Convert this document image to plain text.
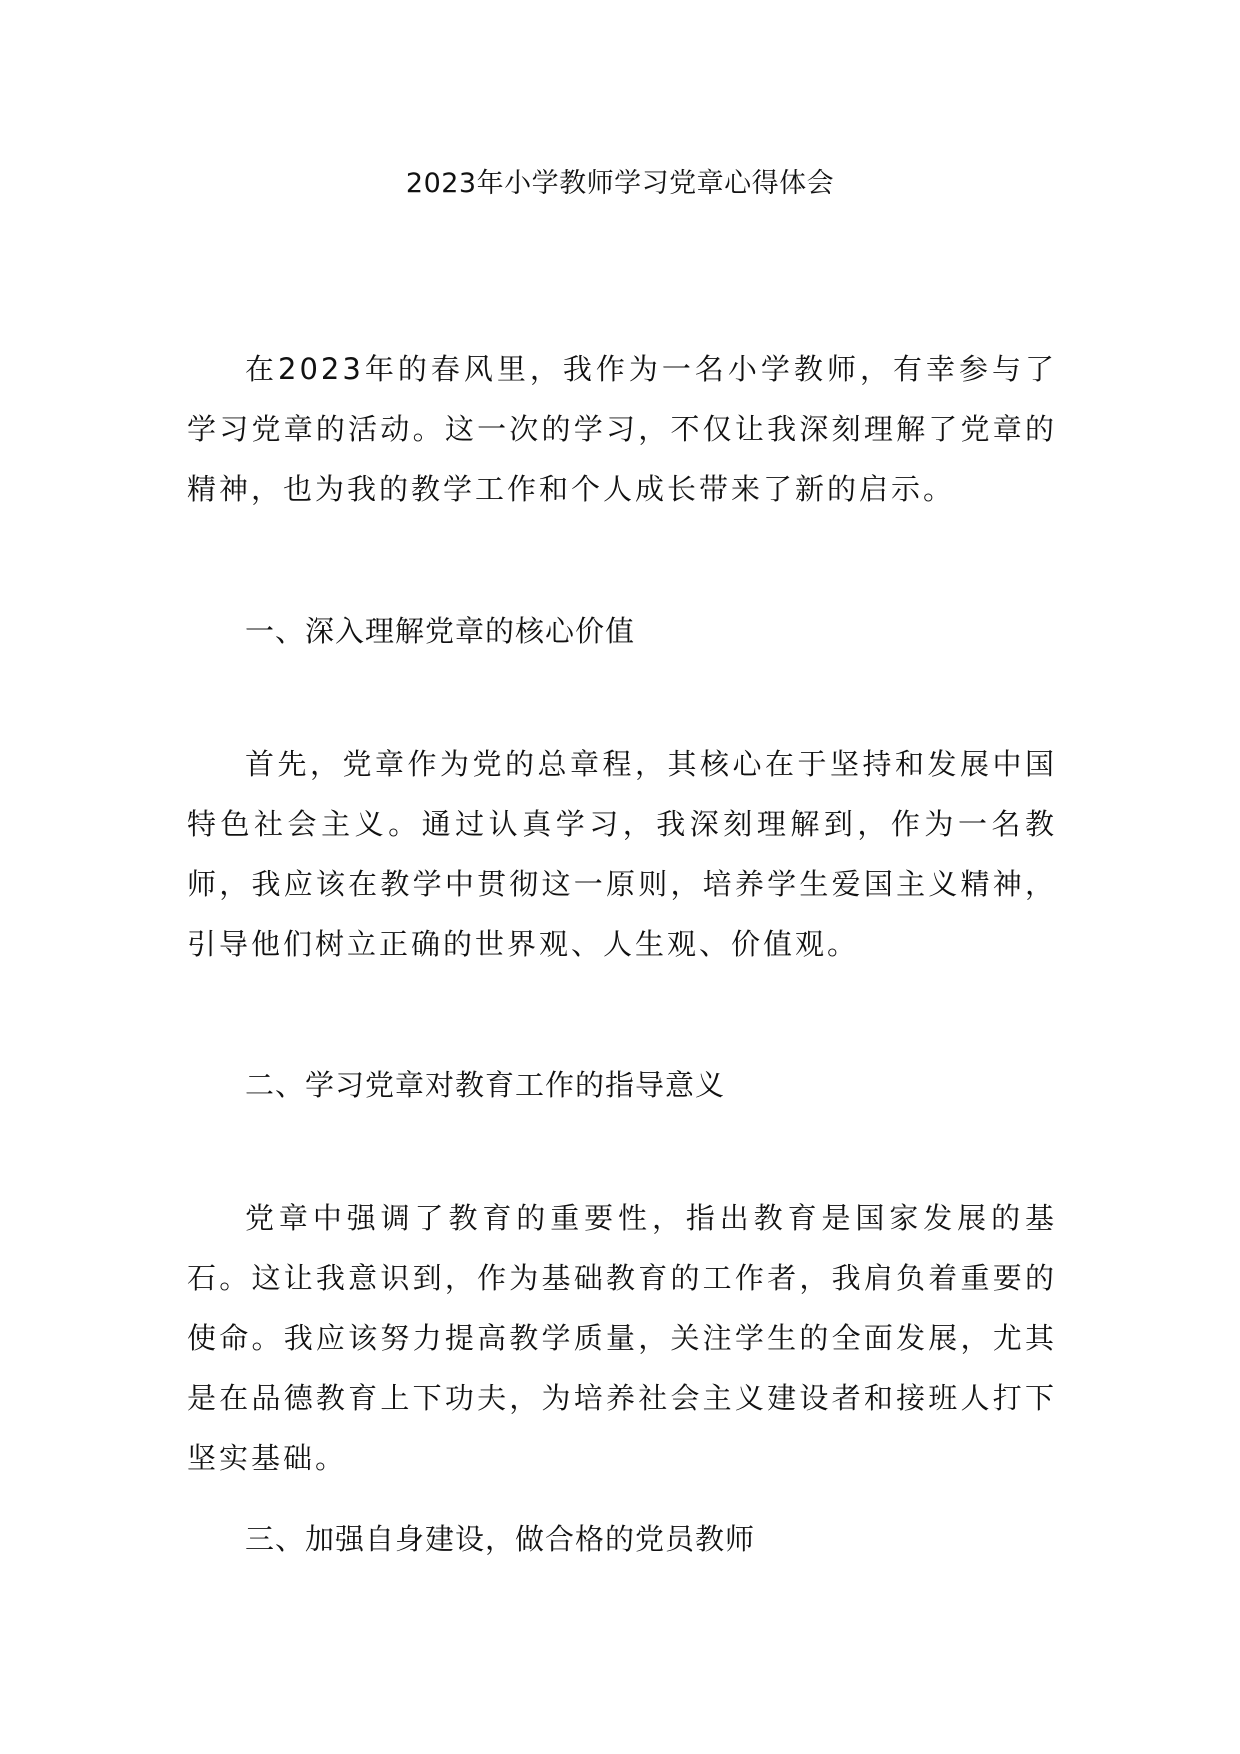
2023年小学教师学习党章心得体会

在2023年的春风里，我作为一名小学教师，有幸参与了学习党章的活动。这一次的学习，不仅让我深刻理解了党章的精神，也为我的教学工作和个人成长带来了新的启示。

一、深入理解党章的核心价值

首先，党章作为党的总章程，其核心在于坚持和发展中国特色社会主义。通过认真学习，我深刻理解到，作为一名教师，我应该在教学中贯彻这一原则，培养学生爱国主义精神，引导他们树立正确的世界观、人生观、价值观。

二、学习党章对教育工作的指导意义

党章中强调了教育的重要性，指出教育是国家发展的基石。这让我意识到，作为基础教育的工作者，我肩负着重要的使命。我应该努力提高教学质量，关注学生的全面发展，尤其是在品德教育上下功夫，为培养社会主义建设者和接班人打下坚实基础。

三、加强自身建设，做合格的党员教师
